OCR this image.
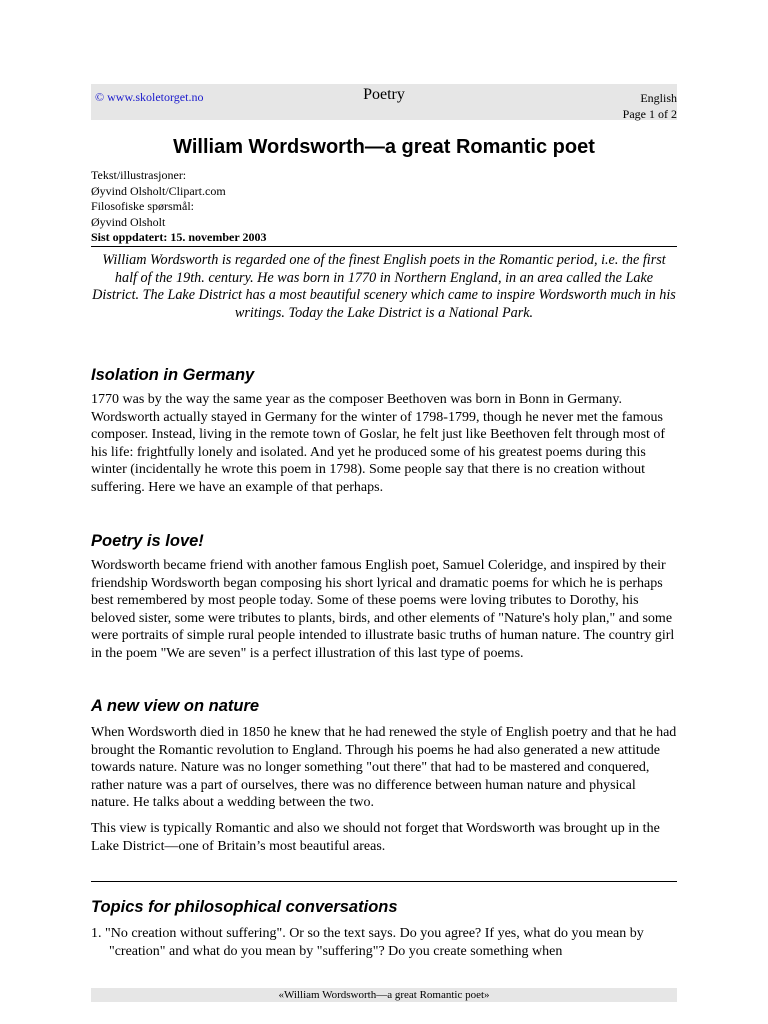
© www.skoletorget.no	Poetry	English
Page 1 of 2
William Wordsworth—a great Romantic poet
Tekst/illustrasjoner:
Øyvind Olsholt/Clipart.com
Filosofiske spørsmål:
Øyvind Olsholt
Sist oppdatert: 15. november 2003
William Wordsworth is regarded one of the finest English poets in the Romantic period, i.e. the first half of the 19th. century. He was born in 1770 in Northern England, in an area called the Lake District. The Lake District has a most beautiful scenery which came to inspire Wordsworth much in his writings. Today the Lake District is a National Park.
Isolation in Germany

1770 was by the way the same year as the composer Beethoven was born in Bonn in Germany. Wordsworth actually stayed in Germany for the winter of 1798-1799, though he never met the famous composer. Instead, living in the remote town of Goslar, he felt just like Beethoven felt through most of his life: frightfully lonely and isolated. And yet he produced some of his greatest poems during this winter (incidentally he wrote this poem in 1798). Some people say that there is no creation without suffering. Here we have an example of that perhaps.

Poetry is love!

Wordsworth became friend with another famous English poet, Samuel Coleridge, and inspired by their friendship Wordsworth began composing his short lyrical and dramatic poems for which he is perhaps best remembered by most people today. Some of these poems were loving tributes to Dorothy, his beloved sister, some were tributes to plants, birds, and other elements of "Nature's holy plan," and some were portraits of simple rural people intended to illustrate basic truths of human nature. The country girl in the poem "We are seven" is a perfect illustration of this last type of poems.

A new view on nature

When Wordsworth died in 1850 he knew that he had renewed the style of English poetry and that he had brought the Romantic revolution to England. Through his poems he had also generated a new attitude towards nature. Nature was no longer something "out there" that had to be mastered and conquered, rather nature was a part of ourselves, there was no difference between human nature and physical nature. He talks about a wedding between the two.

This view is typically Romantic and also we should not forget that Wordsworth was brought up in the Lake District—one of Britain’s most beautiful areas.

Topics for philosophical conversations
1. "No creation without suffering". Or so the text says. Do you agree? If yes, what do you mean by "creation" and what do you mean by "suffering"? Do you create something when
«William Wordsworth—a great Romantic poet»
